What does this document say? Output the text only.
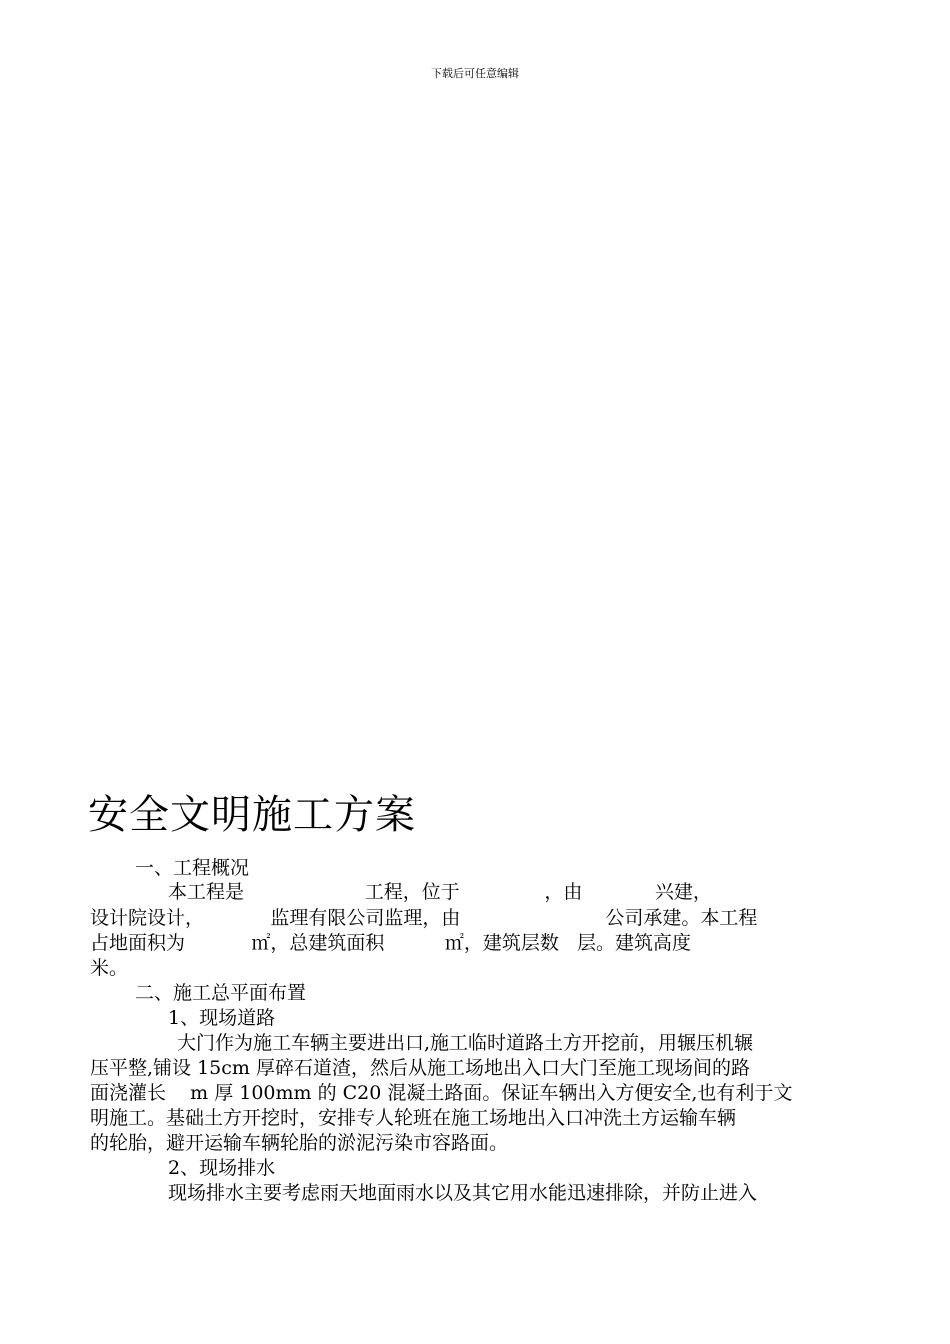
下载后可任意编辑
安全文明施工方案
一、工程概况
本工程是                    工程，位于              ，由            兴建，
设计院设计，           监理有限公司监理，由                        公司承建。本工程
占地面积为           ㎡，总建筑面积          ㎡，建筑层数   层。建筑高度
米。
二、施工总平面布置
1、现场道路
大门作为施工车辆主要进出口,施工临时道路土方开挖前，用辗压机辗
压平整,铺设 15cm 厚碎石道渣，然后从施工场地出入口大门至施工现场间的路
面浇灌长    m 厚 100mm 的 C20 混凝土路面。保证车辆出入方便安全,也有利于文
明施工。基础土方开挖时，安排专人轮班在施工场地出入口冲洗土方运输车辆
的轮胎，避开运输车辆轮胎的淤泥污染市容路面。
2、现场排水
现场排水主要考虑雨天地面雨水以及其它用水能迅速排除，并防止进入
